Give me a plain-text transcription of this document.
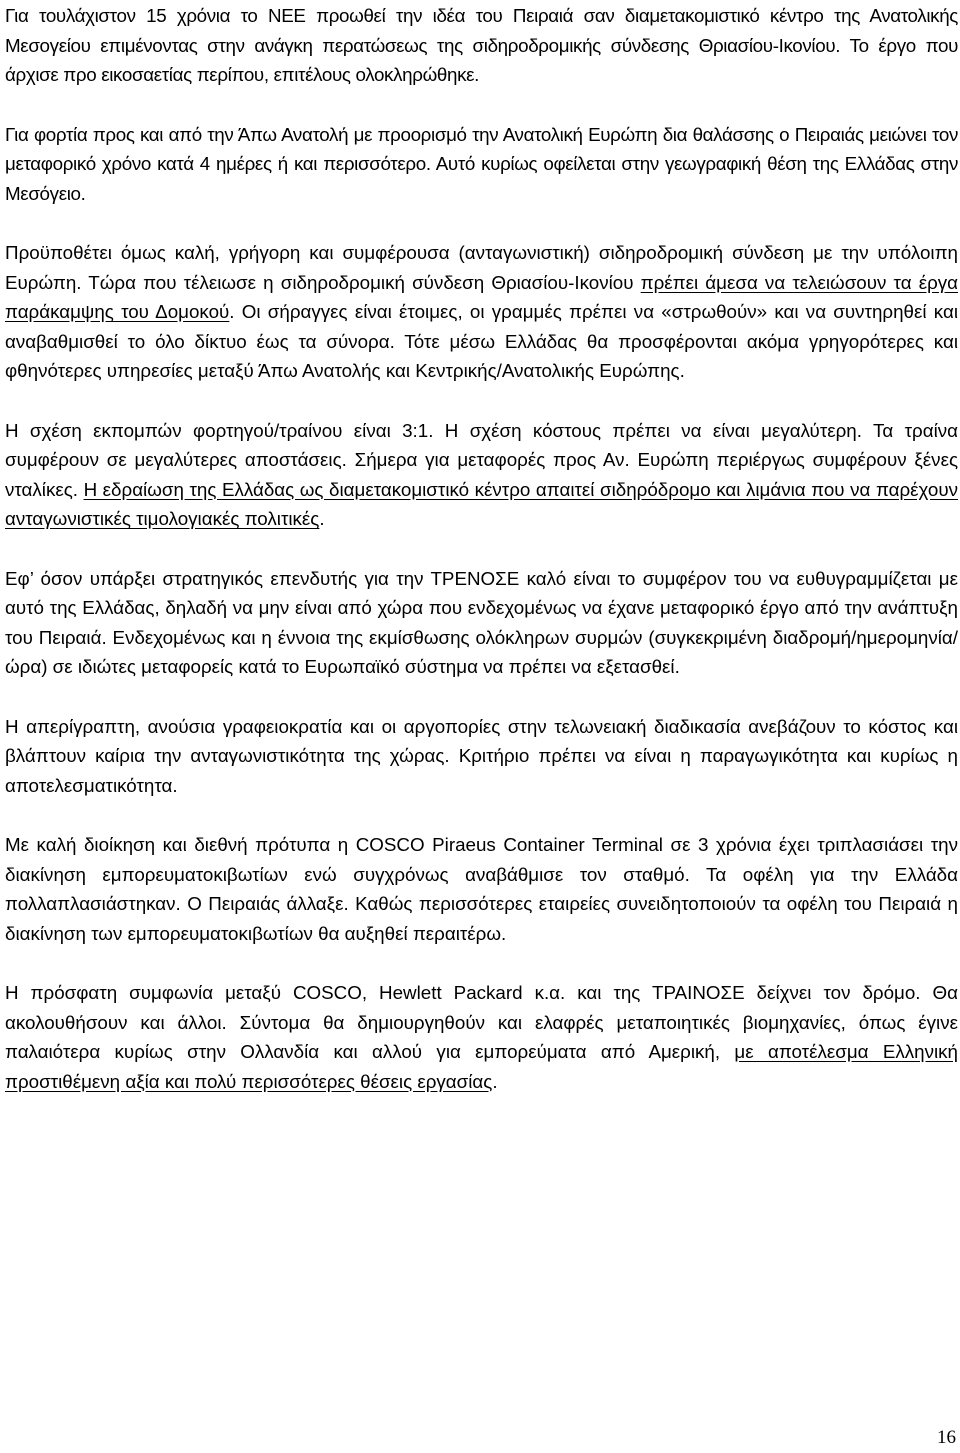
Για τουλάχιστον 15 χρόνια το ΝΕΕ προωθεί την ιδέα του Πειραιά σαν διαμετακομιστικό κέντρο της Ανατολικής Μεσογείου επιμένοντας στην ανάγκη περατώσεως της σιδηροδρομικής σύνδεσης Θριασίου-Ικονίου. Το έργο που άρχισε προ εικοσαετίας περίπου, επιτέλους ολοκληρώθηκε.

Για φορτία προς και από την Άπω Ανατολή με προορισμό την Ανατολική Ευρώπη δια θαλάσσης ο Πειραιάς μειώνει τον μεταφορικό χρόνο κατά 4 ημέρες ή και περισσότερο. Αυτό κυρίως οφείλεται στην γεωγραφική θέση της Ελλάδας στην Μεσόγειο.

Προϋποθέτει όμως καλή, γρήγορη και συμφέρουσα (ανταγωνιστική) σιδηροδρομική σύνδεση με την υπόλοιπη Ευρώπη. Τώρα που τέλειωσε η σιδηροδρομική σύνδεση Θριασίου-Ικονίου πρέπει άμεσα να τελειώσουν τα έργα παράκαμψης του Δομοκού. Οι σήραγγες είναι έτοιμες, οι γραμμές πρέπει να «στρωθούν» και να συντηρηθεί και αναβαθμισθεί το όλο δίκτυο έως τα σύνορα. Τότε μέσω Ελλάδας θα προσφέρονται ακόμα γρηγορότερες και φθηνότερες υπηρεσίες μεταξύ Άπω Ανατολής και Κεντρικής/Ανατολικής Ευρώπης.

Η σχέση εκπομπών φορτηγού/τραίνου είναι 3:1. Η σχέση κόστους πρέπει να είναι μεγαλύτερη. Τα τραίνα συμφέρουν σε μεγαλύτερες αποστάσεις. Σήμερα για μεταφορές προς Αν. Ευρώπη περιέργως συμφέρουν ξένες νταλίκες. Η εδραίωση της Ελλάδας ως διαμετακομιστικό κέντρο απαιτεί σιδηρόδρομο και λιμάνια που να παρέχουν ανταγωνιστικές τιμολογιακές πολιτικές.

Εφ’ όσον υπάρξει στρατηγικός επενδυτής για την ΤΡΕΝΟΣΕ καλό είναι το συμφέρον του να ευθυγραμμίζεται με αυτό της Ελλάδας, δηλαδή να μην είναι από χώρα που ενδεχομένως να έχανε μεταφορικό έργο από την ανάπτυξη του Πειραιά. Ενδεχομένως και η έννοια της εκμίσθωσης ολόκληρων συρμών (συγκεκριμένη διαδρομή/ημερομηνία/ώρα) σε ιδιώτες μεταφορείς κατά το Ευρωπαϊκό σύστημα να πρέπει να εξετασθεί.

Η απερίγραπτη, ανούσια γραφειοκρατία και οι αργοπορίες στην τελωνειακή διαδικασία ανεβάζουν το κόστος και βλάπτουν καίρια την ανταγωνιστικότητα της χώρας. Κριτήριο πρέπει να είναι η παραγωγικότητα και κυρίως η αποτελεσματικότητα.

Με καλή διοίκηση και διεθνή πρότυπα η COSCO Piraeus Container Terminal σε 3 χρόνια έχει τριπλασιάσει την διακίνηση εμπορευματοκιβωτίων ενώ συγχρόνως αναβάθμισε τον σταθμό. Τα οφέλη για την Ελλάδα πολλαπλασιάστηκαν. Ο Πειραιάς άλλαξε. Καθώς περισσότερες εταιρείες συνειδητοποιούν τα οφέλη του Πειραιά η διακίνηση των εμπορευματοκιβωτίων θα αυξηθεί περαιτέρω.

Η πρόσφατη συμφωνία μεταξύ COSCO, Hewlett Packard κ.α. και της ΤΡΑΙΝΟΣΕ δείχνει τον δρόμο. Θα ακολουθήσουν και άλλοι. Σύντομα θα δημιουργηθούν και ελαφρές μεταποιητικές βιομηχανίες, όπως έγινε παλαιότερα κυρίως στην Ολλανδία και αλλού για εμπορεύματα από Αμερική, με αποτέλεσμα Ελληνική προστιθέμενη αξία και πολύ περισσότερες θέσεις εργασίας.

16
